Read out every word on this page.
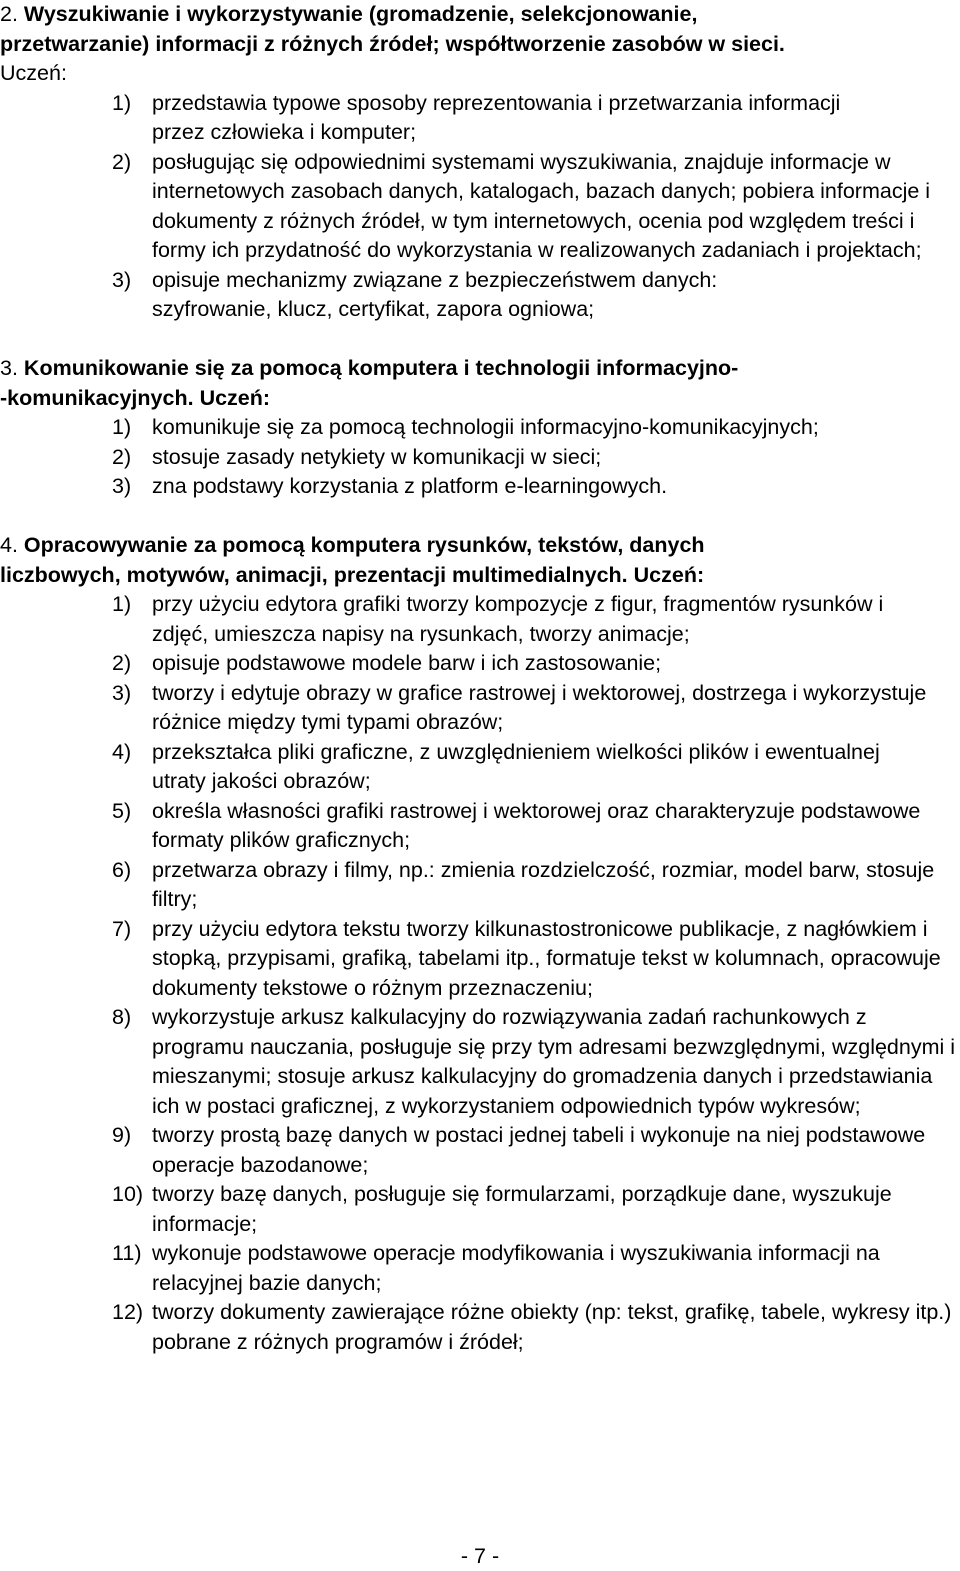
2. Wyszukiwanie i wykorzystywanie (gromadzenie, selekcjonowanie,

przetwarzanie) informacji z różnych źródeł; współtworzenie zasobów w sieci.

Uczeń:

1) przedstawia typowe sposoby reprezentowania i przetwarzania informacji przez człowieka i komputer;
2) posługując się odpowiednimi systemami wyszukiwania, znajduje informacje w internetowych zasobach danych, katalogach, bazach danych; pobiera informacje i dokumenty z różnych źródeł, w tym internetowych, ocenia pod względem treści i formy ich przydatność do wykorzystania w realizowanych zadaniach i projektach;
3) opisuje mechanizmy związane z bezpieczeństwem danych: szyfrowanie, klucz, certyfikat, zapora ogniowa;

3. Komunikowanie się za pomocą komputera i technologii informacyjno-

-komunikacyjnych. Uczeń:

1) komunikuje się za pomocą technologii informacyjno-komunikacyjnych;
2) stosuje zasady netykiety w komunikacji w sieci;
3) zna podstawy korzystania z platform e-learningowych.

4. Opracowywanie za pomocą komputera rysunków, tekstów, danych

liczbowych, motywów, animacji, prezentacji multimedialnych. Uczeń:

1) przy użyciu edytora grafiki tworzy kompozycje z figur, fragmentów rysunków i zdjęć, umieszcza napisy na rysunkach, tworzy animacje;
2) opisuje podstawowe modele barw i ich zastosowanie;
3) tworzy i edytuje obrazy w grafice rastrowej i wektorowej, dostrzega i wykorzystuje różnice między tymi typami obrazów;
4) przekształca pliki graficzne, z uwzględnieniem wielkości plików i ewentualnej utraty jakości obrazów;
5) określa własności grafiki rastrowej i wektorowej oraz charakteryzuje podstawowe formaty plików graficznych;
6) przetwarza obrazy i filmy, np.: zmienia rozdzielczość, rozmiar, model barw, stosuje filtry;
7) przy użyciu edytora tekstu tworzy kilkunastostronicowe publikacje, z nagłówkiem i stopką, przypisami, grafiką, tabelami itp., formatuje tekst w kolumnach, opracowuje dokumenty tekstowe o różnym przeznaczeniu;
8) wykorzystuje arkusz kalkulacyjny do rozwiązywania zadań rachunkowych z programu nauczania, posługuje się przy tym adresami bezwzględnymi, względnymi i mieszanymi; stosuje arkusz kalkulacyjny do gromadzenia danych i przedstawiania ich w postaci graficznej, z wykorzystaniem odpowiednich typów wykresów;
9) tworzy prostą bazę danych w postaci jednej tabeli i wykonuje na niej podstawowe operacje bazodanowe;
10) tworzy bazę danych, posługuje się formularzami, porządkuje dane, wyszukuje informacje;
11) wykonuje podstawowe operacje modyfikowania i wyszukiwania informacji na relacyjnej bazie danych;
12) tworzy dokumenty zawierające różne obiekty (np: tekst, grafikę, tabele, wykresy itp.) pobrane z różnych programów i źródeł;
- 7 -
